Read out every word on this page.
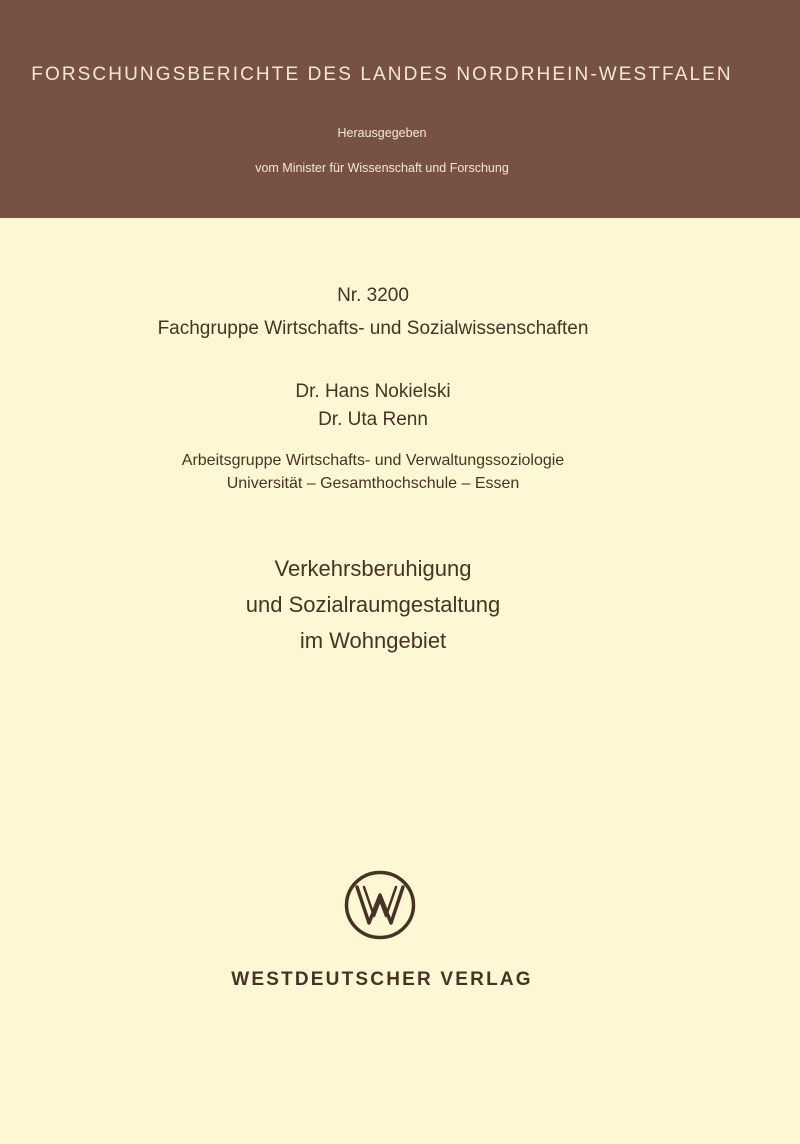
FORSCHUNGSBERICHTE DES LANDES NORDRHEIN-WESTFALEN
Herausgegeben
vom Minister für Wissenschaft und Forschung
Nr. 3200
Fachgruppe Wirtschafts- und Sozialwissenschaften
Dr. Hans Nokielski
Dr. Uta Renn
Arbeitsgruppe Wirtschafts- und Verwaltungssoziologie
Universität – Gesamthochschule – Essen
Verkehrsberuhigung
und Sozialraumgestaltung
im Wohngebiet
WESTDEUTSCHER VERLAG
